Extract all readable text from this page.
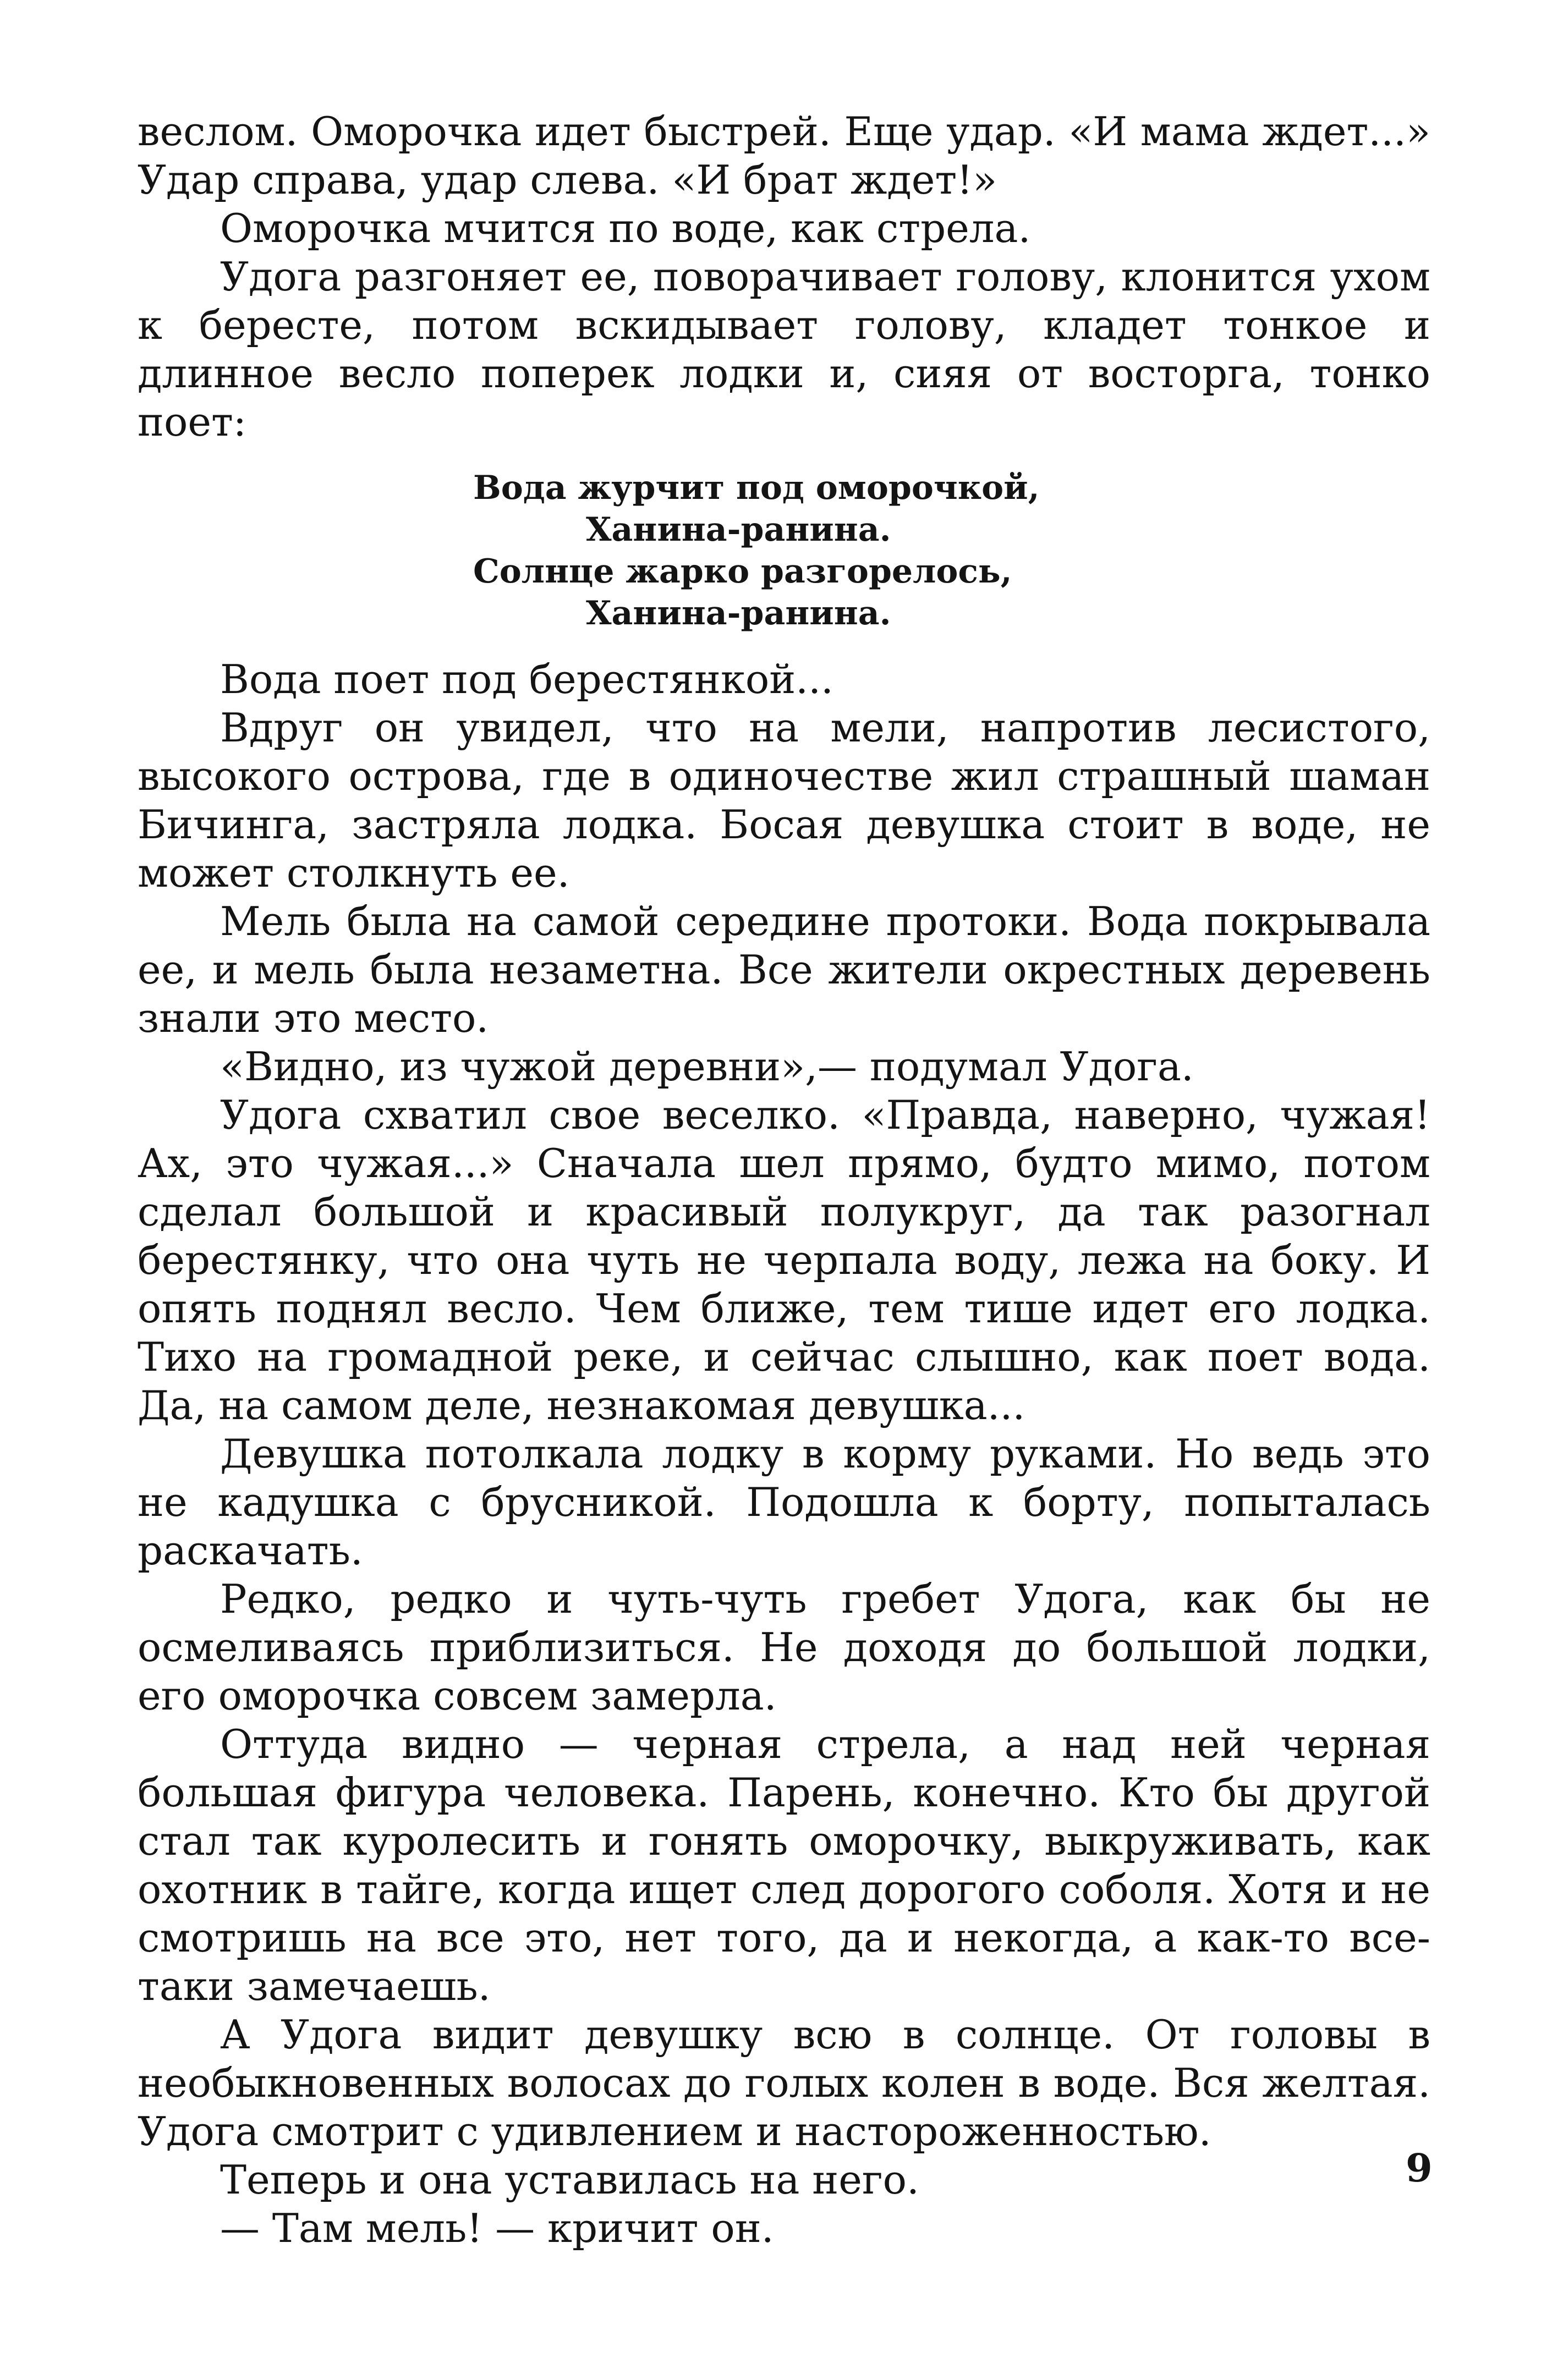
веслом. Оморочка идет быстрей. Еще удар. «И мама ждет...» Удар справа, удар слева. «И брат ждет!»

Оморочка мчится по воде, как стрела.

Удога разгоняет ее, поворачивает голову, клонится ухом к бересте, потом вскидывает голову, кладет тонкое и длинное весло поперек лодки и, сияя от восторга, тонко поет:

Вода журчит под оморочкой,
Ханина-ранина.
Солнце жарко разгорелось,
Ханина-ранина.

Вода поет под берестянкой...

Вдруг он увидел, что на мели, напротив лесистого, высокого острова, где в одиночестве жил страшный шаман Бичинга, застряла лодка. Босая девушка стоит в воде, не может столкнуть ее.

Мель была на самой середине протоки. Вода покрывала ее, и мель была незаметна. Все жители окрестных деревень знали это место.

«Видно, из чужой деревни»,— подумал Удога.

Удога схватил свое веселко. «Правда, наверно, чужая! Ах, это чужая...» Сначала шел прямо, будто мимо, потом сделал большой и красивый полукруг, да так разогнал берестянку, что она чуть не черпала воду, лежа на боку. И опять поднял весло. Чем ближе, тем тише идет его лодка. Тихо на громадной реке, и сейчас слышно, как поет вода. Да, на самом деле, незнакомая девушка...

Девушка потолкала лодку в корму руками. Но ведь это не кадушка с брусникой. Подошла к борту, попыталась раскачать.

Редко, редко и чуть-чуть гребет Удога, как бы не осмеливаясь приблизиться. Не доходя до большой лодки, его оморочка совсем замерла.

Оттуда видно — черная стрела, а над ней черная большая фигура человека. Парень, конечно. Кто бы другой стал так куролесить и гонять оморочку, выкруживать, как охотник в тайге, когда ищет след дорогого соболя. Хотя и не смотришь на все это, нет того, да и некогда, а как-то все-таки замечаешь.

А Удога видит девушку всю в солнце. От головы в необыкновенных волосах до голых колен в воде. Вся желтая. Удога смотрит с удивлением и настороженностью.

Теперь и она уставилась на него.

— Там мель! — кричит он.

9
